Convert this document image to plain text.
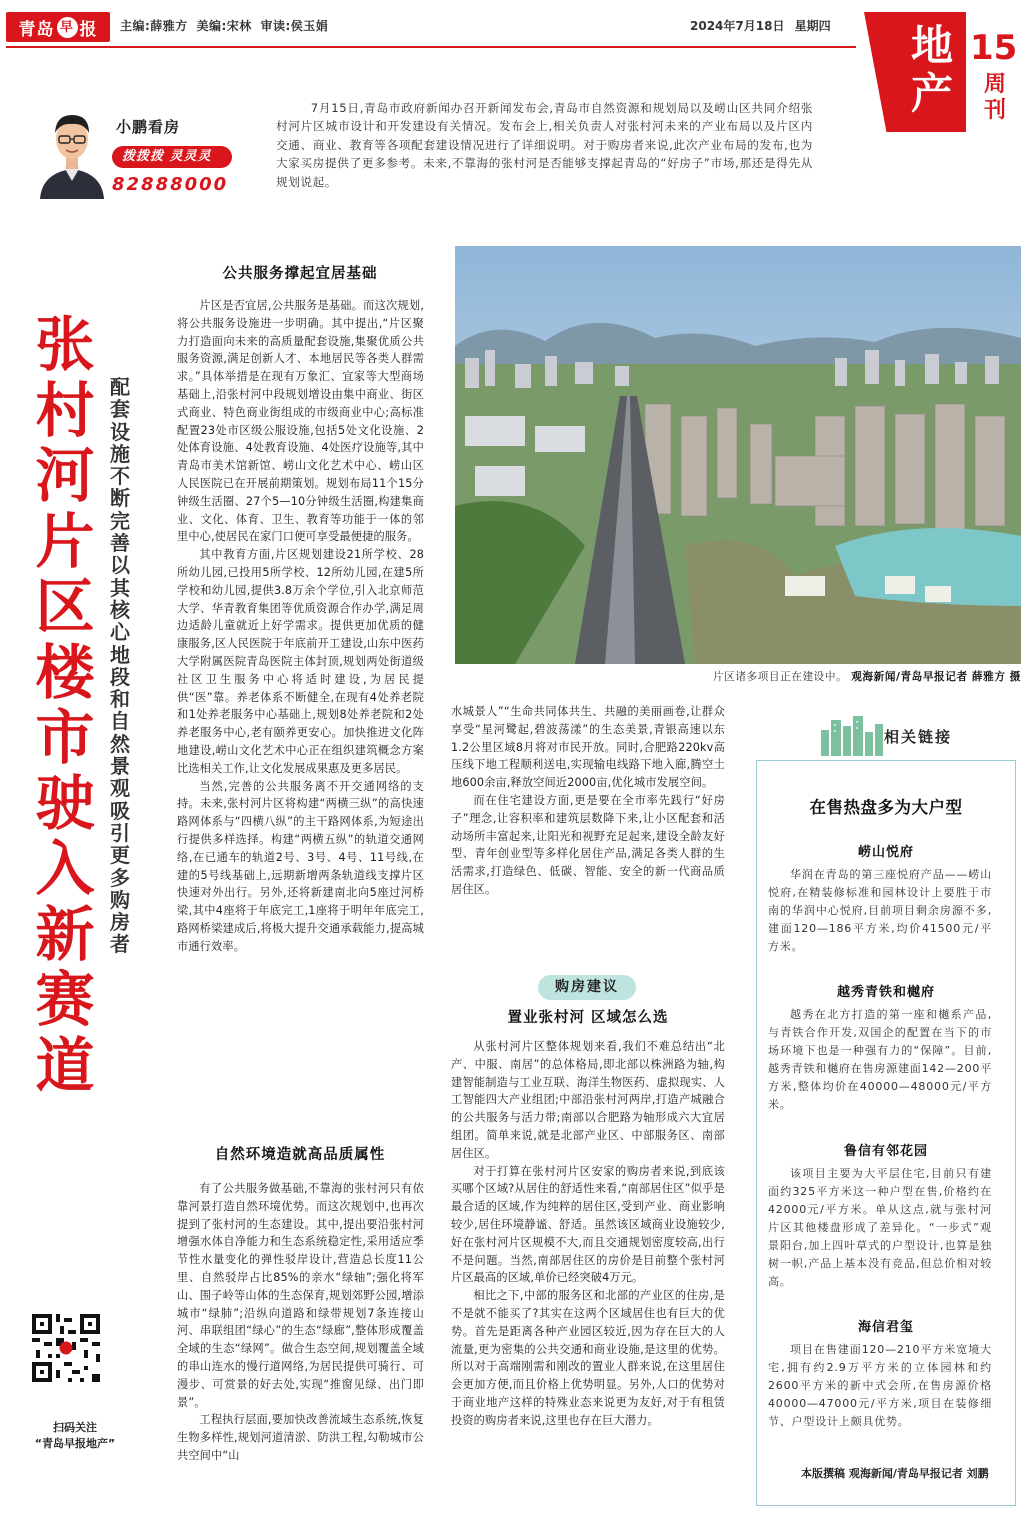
青岛 早 报 主编:薛雅方 美编:宋林 审读:侯玉娟	2024年7月18日 星期四 地产
15
周刊
小鹏看房
拨拨拨 灵灵灵
82888000
7月15日,青岛市政府新闻办召开新闻发布会,青岛市自然资源和规划局以及崂山区共同介绍张村河片区城市设计和开发建设有关情况。发布会上,相关负责人对张村河未来的产业布局以及片区内交通、商业、教育等各项配套建设情况进行了详细说明。对于购房者来说,此次产业布局的发布,也为大家买房提供了更多参考。未来,不靠海的张村河是否能够支撑起青岛的“好房子”市场,那还是得先从规划说起。
张村河片区楼市驶入新赛道
配套设施不断完善 以其核心地段和自然景观吸引更多购房者
公共服务撑起宜居基础

片区是否宜居,公共服务是基础。而这次规划,将公共服务设施进一步明确。其中提出,“片区聚力打造面向未来的高质量配套设施,集聚优质公共服务资源,满足创新人才、本地居民等各类人群需求。”具体举措是在现有万象汇、宜家等大型商场基础上,沿张村河中段规划增设由集中商业、街区式商业、特色商业街组成的市级商业中心;高标准配置23处市区级公服设施,包括5处文化设施、2处体育设施、4处教育设施、4处医疗设施等,其中青岛市美术馆新馆、崂山文化艺术中心、崂山区人民医院已在开展前期策划。规划布局11个15分钟级生活圈、27个5—10分钟级生活圈,构建集商业、文化、体育、卫生、教育等功能于一体的邻里中心,使居民在家门口便可享受最便捷的服务。

其中教育方面,片区规划建设21所学校、28所幼儿园,已投用5所学校、12所幼儿园,在建5所学校和幼儿园,提供3.8万余个学位,引入北京师范大学、华青教育集团等优质资源合作办学,满足周边适龄儿童就近上好学需求。提供更加优质的健康服务,区人民医院于年底前开工建设,山东中医药大学附属医院青岛医院主体封顶,规划两处街道级社区卫生服务中心将适时建设,为居民提供“医”靠。养老体系不断健全,在现有4处养老院和1处养老服务中心基础上,规划8处养老院和2处养老服务中心,老有颐养更安心。加快推进文化阵地建设,崂山文化艺术中心正在组织建筑概念方案比选相关工作,让文化发展成果惠及更多居民。

当然,完善的公共服务离不开交通网络的支持。未来,张村河片区将构建“两横三纵”的高快速路网体系与“四横八纵”的主干路网体系,为短途出行提供多样选择。构建“两横五纵”的轨道交通网络,在已通车的轨道2号、3号、4号、11号线,在建的5号线基础上,远期新增两条轨道线支撑片区快速对外出行。另外,还将新建南北向5座过河桥梁,其中4座将于年底完工,1座将于明年年底完工,路网桥梁建成后,将极大提升交通承载能力,提高城市通行效率。

自然环境造就高品质属性

有了公共服务做基础,不靠海的张村河只有依靠河景打造自然环境优势。而这次规划中,也再次提到了张村河的生态建设。其中,提出要沿张村河增强水体自净能力和生态系统稳定性,采用适应季节性水量变化的弹性驳岸设计,营造总长度11公里、自然驳岸占比85%的亲水“绿轴”;强化将军山、围子岭等山体的生态保育,规划郊野公园,增添城市“绿肺”;沿纵向道路和绿带规划7条连接山河、串联组团“绿心”的生态“绿廊”,整体形成覆盖全域的生态“绿网”。做合生态空间,规划覆盖全域的串山连水的慢行道网络,为居民提供可骑行、可漫步、可赏景的好去处,实现“推窗见绿、出门即景”。

工程执行层面,要加快改善流域生态系统,恢复生物多样性,规划河道清淤、防洪工程,勾勒城市公共空间中“山

扫码关注
“青岛早报地产”
片区诸多项目正在建设中。 观海新闻/青岛早报记者 薛雅方 摄

水城景人”“生命共同体共生、共融的美丽画卷,让群众享受“星河鹭起,碧波荡漾”的生态美景,青银高速以东1.2公里区域8月将对市民开放。同时,合肥路220kv高压线下地工程顺利送电,实现输电线路下地入廊,腾空土地600余亩,释放空间近2000亩,优化城市发展空间。

而在住宅建设方面,更是要在全市率先践行“好房子”理念,让容积率和建筑层数降下来,让小区配套和活动场所丰富起来,让阳光和视野充足起来,建设全龄友好型、青年创业型等多样化居住产品,满足各类人群的生活需求,打造绿色、低碳、智能、安全的新一代商品质居住区。

购房建议
置业张村河 区域怎么选

从张村河片区整体规划来看,我们不难总结出“北产、中服、南居”的总体格局,即北部以株洲路为轴,构建智能制造与工业互联、海洋生物医药、虚拟现实、人工智能四大产业组团;中部沿张村河两岸,打造产城融合的公共服务与活力带;南部以合肥路为轴形成六大宜居组团。简单来说,就是北部产业区、中部服务区、南部居住区。

对于打算在张村河片区安家的购房者来说,到底该买哪个区域?从居住的舒适性来看,“南部居住区”似乎是最合适的区域,作为纯粹的居住区,受到产业、商业影响较少,居住环境静谧、舒适。虽然该区域商业设施较少,好在张村河片区规模不大,而且交通规划密度较高,出行不是问题。当然,南部居住区的房价是目前整个张村河片区最高的区域,单价已经突破4万元。

相比之下,中部的服务区和北部的产业区的住房,是不是就不能买了?其实在这两个区域居住也有巨大的优势。首先是距离各种产业园区较近,因为存在巨大的人流量,更为密集的公共交通和商业设施,是这里的优势。所以对于高端刚需和刚改的置业人群来说,在这里居住会更加方便,而且价格上优势明显。另外,人口的优势对于商业地产这样的特殊业态来说更为友好,对于有租赁投资的购房者来说,这里也存在巨大潜力。

相关链接
在售热盘多为大户型
崂山悦府
华润在青岛的第三座悦府产品——崂山悦府,在精装修标准和园林设计上要胜于市南的华润中心悦府,目前项目剩余房源不多,建面120—186平方米,均价41500元/平方米。
越秀青铁和樾府
越秀在北方打造的第一座和樾系产品,与青铁合作开发,双国企的配置在当下的市场环境下也是一种强有力的“保障”。目前,越秀青铁和樾府在售房源建面142—200平方米,整体均价在40000—48000元/平方米。
鲁信有邻花园
该项目主要为大平层住宅,目前只有建面约325平方米这一种户型在售,价格约在42000元/平方米。单从这点,就与张村河片区其他楼盘形成了差异化。“一步式”观景阳台,加上四叶草式的户型设计,也算是独树一帜,产品上基本没有竞品,但总价相对较高。
海信君玺
项目在售建面120—210平方米宽境大宅,拥有约2.9万平方米的立体园林和约2600平方米的新中式会所,在售房源价格40000—47000元/平方米,项目在装修细节、户型设计上颇具优势。
本版撰稿 观海新闻/青岛早报记者 刘鹏
